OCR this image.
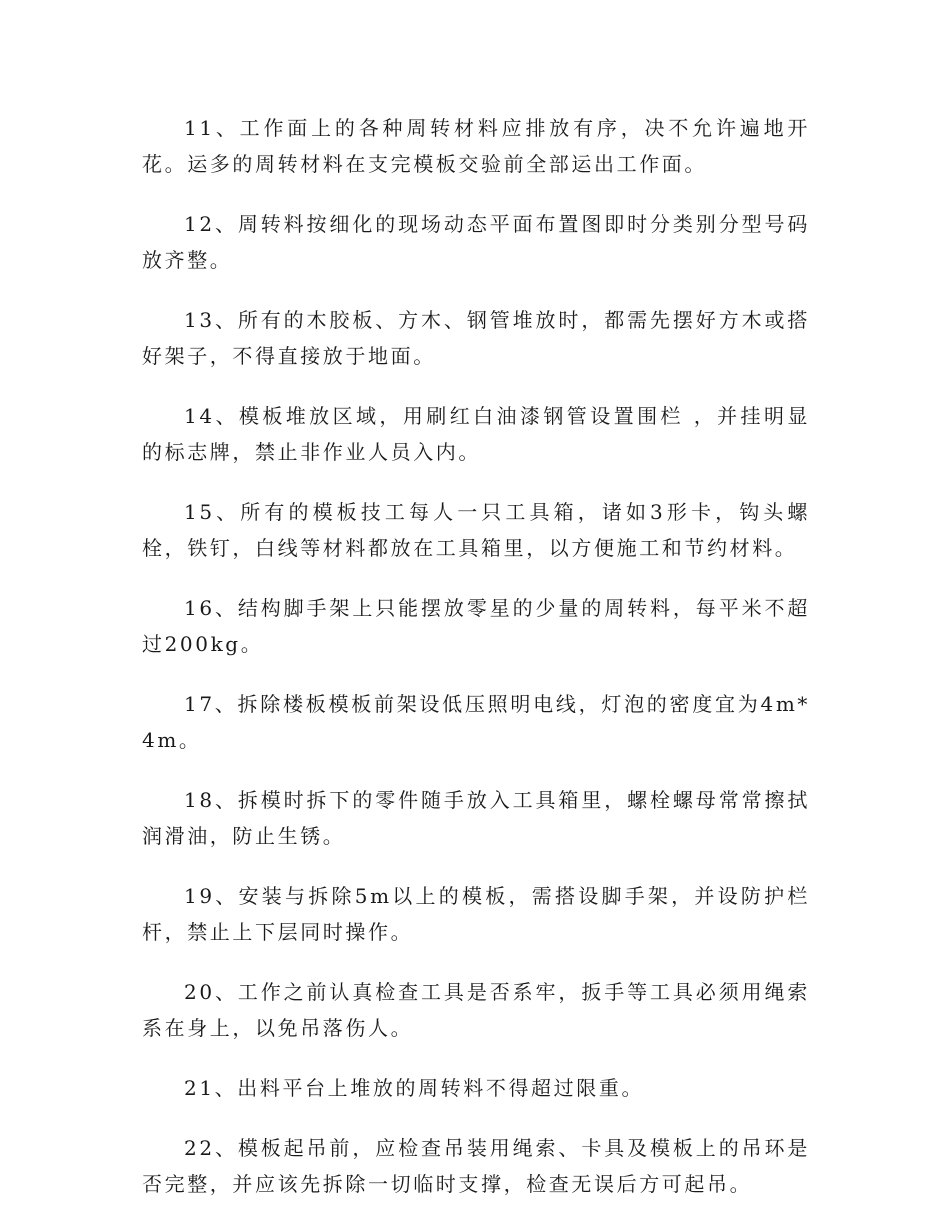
11、工作面上的各种周转材料应排放有序，决不允许遍地开花。运多的周转材料在支完模板交验前全部运出工作面。

12、周转料按细化的现场动态平面布置图即时分类别分型号码放齐整。

13、所有的木胶板、方木、钢管堆放时，都需先摆好方木或搭好架子，不得直接放于地面。

14、模板堆放区域，用刷红白油漆钢管设置围栏 ，并挂明显的标志牌，禁止非作业人员入内。

15、所有的模板技工每人一只工具箱，诸如3形卡，钩头螺栓，铁钉，白线等材料都放在工具箱里，以方便施工和节约材料。

16、结构脚手架上只能摆放零星的少量的周转料，每平米不超过200kg。

17、拆除楼板模板前架设低压照明电线，灯泡的密度宜为4m*4m。

18、拆模时拆下的零件随手放入工具箱里，螺栓螺母常常擦拭润滑油，防止生锈。

19、安装与拆除5m以上的模板，需搭设脚手架，并设防护栏杆，禁止上下层同时操作。

20、工作之前认真检查工具是否系牢，扳手等工具必须用绳索系在身上，以免吊落伤人。

21、出料平台上堆放的周转料不得超过限重。

22、模板起吊前，应检查吊装用绳索、卡具及模板上的吊环是否完整，并应该先拆除一切临时支撑，检查无误后方可起吊。
